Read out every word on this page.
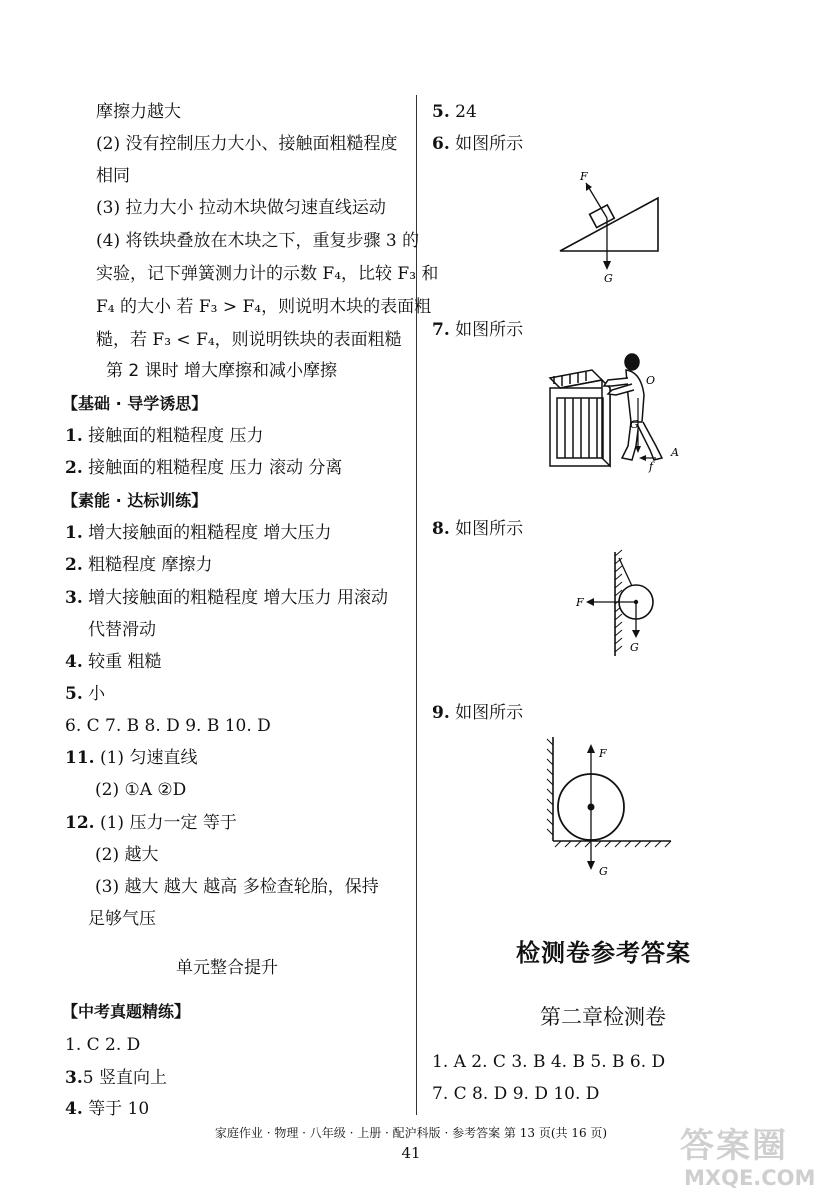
摩擦力越大
(2) 没有控制压力大小、接触面粗糙程度
相同
(3) 拉力大小 拉动木块做匀速直线运动
(4) 将铁块叠放在木块之下，重复步骤 3 的
实验，记下弹簧测力计的示数 F₄，比较 F₃ 和
F₄ 的大小 若 F₃ > F₄，则说明木块的表面粗
糙，若 F₃ < F₄，则说明铁块的表面粗糙
第 2 课时 增大摩擦和减小摩擦
【基础 · 导学诱思】
1. 接触面的粗糙程度 压力
2. 接触面的粗糙程度 压力 滚动 分离
【素能 · 达标训练】
1. 增大接触面的粗糙程度 增大压力
2. 粗糙程度 摩擦力
3. 增大接触面的粗糙程度 增大压力 用滚动
代替滑动
4. 较重 粗糙
5. 小
6. C 7. B 8. D 9. B 10. D
11. (1) 匀速直线
(2) ①A ②D
12. (1) 压力一定 等于
(2) 越大
(3) 越大 越大 越高 多检查轮胎，保持
足够气压
单元整合提升
【中考真题精练】
1. C 2. D
3.5 竖直向上
4. 等于 10
5. 24
6. 如图所示
F
G
7. 如图所示
O
G
f
A
8. 如图所示
F
G
9. 如图所示
F
G
检测卷参考答案
第二章检测卷
1. A 2. C 3. B 4. B 5. B 6. D
7. C 8. D 9. D 10. D
家庭作业 · 物理 · 八年级 · 上册 · 配沪科版 · 参考答案 第 13 页(共 16 页)
41	答案圈
MXQE.COM
